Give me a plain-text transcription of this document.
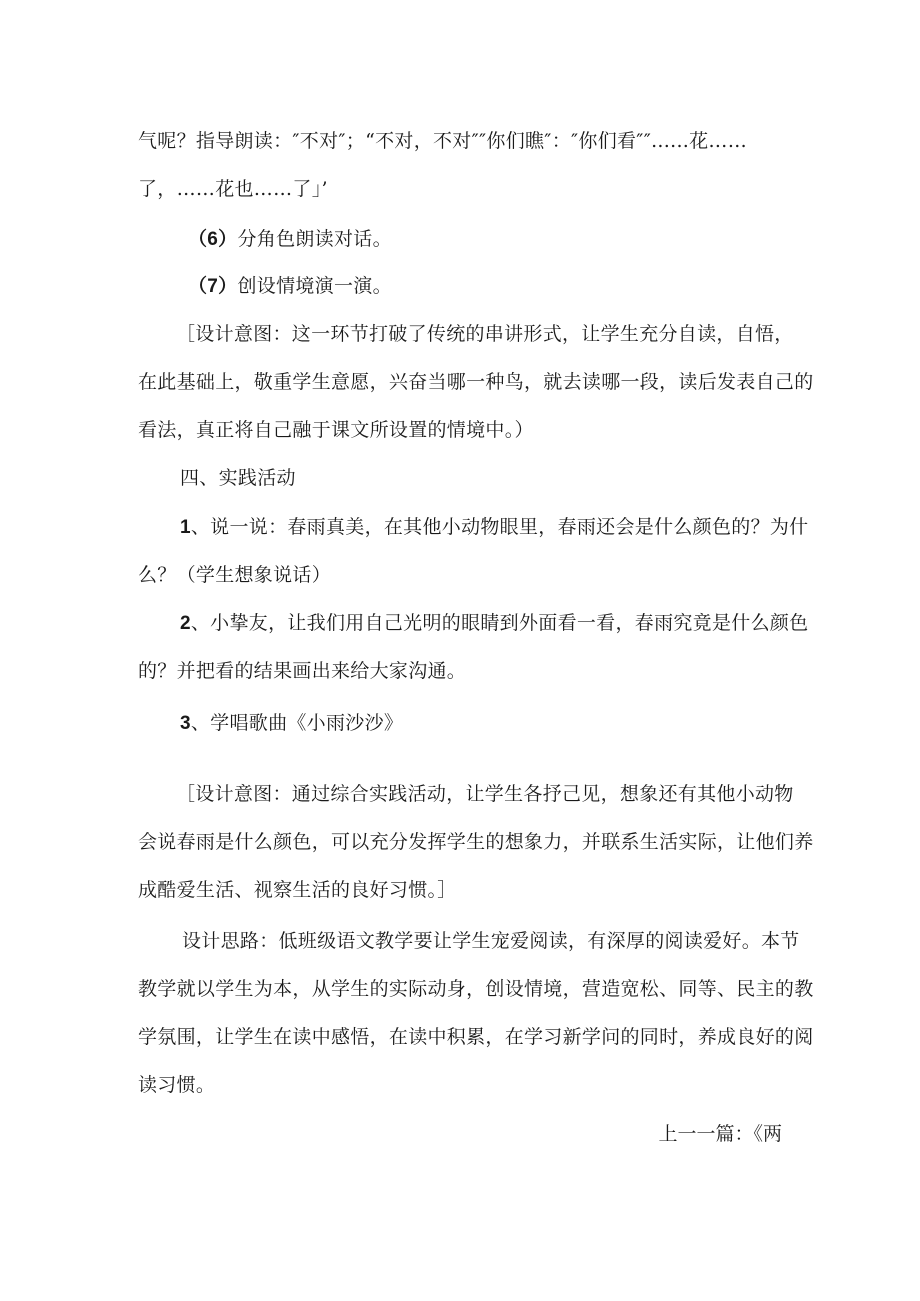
气呢？指导朗读：″不对″；“不对，不对″″你们瞧″：″你们看″″......花……
了，……花也……了」’
（6）分角色朗读对话。
（7）创设情境演一演。
［设计意图：这一环节打破了传统的串讲形式，让学生充分自读，自悟，
在此基础上，敬重学生意愿，兴奋当哪一种鸟，就去读哪一段，读后发表自己的
看法，真正将自己融于课文所设置的情境中。）
四、实践活动
1、说一说：春雨真美，在其他小动物眼里，春雨还会是什么颜色的？为什
么？（学生想象说话）
2、小挚友，让我们用自己光明的眼睛到外面看一看，春雨究竟是什么颜色
的？并把看的结果画出来给大家沟通。
3、学唱歌曲《小雨沙沙》
［设计意图：通过综合实践活动，让学生各抒己见，想象还有其他小动物
会说春雨是什么颜色，可以充分发挥学生的想象力，并联系生活实际，让他们养
成酷爱生活、视察生活的良好习惯。］
设计思路：低班级语文教学要让学生宠爱阅读，有深厚的阅读爱好。本节
教学就以学生为本，从学生的实际动身，创设情境，营造宽松、同等、民主的教
学氛围，让学生在读中感悟，在读中积累，在学习新学问的同时，养成良好的阅
读习惯。
上一一篇：《两
